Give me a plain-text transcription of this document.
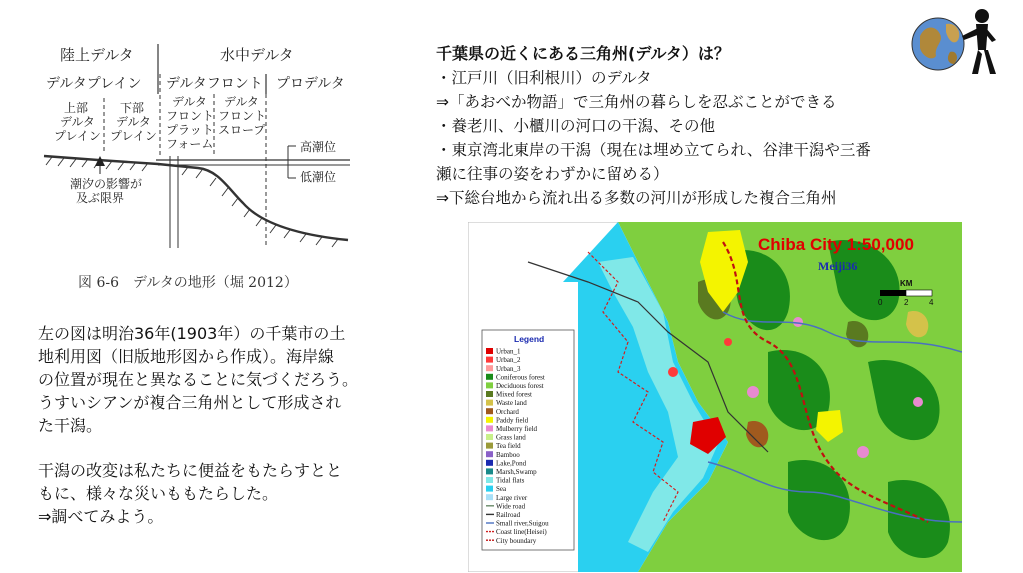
陸上デルタ	水中デルタ
デルタプレイン デルタフロント プロデルタ
上部
デルタ
プレイン
下部
デルタ
プレイン
デルタ
フロント
プラット
フォーム
デルタ
フロント
スロープ
高潮位
低潮位
潮汐の影響が
及ぶ限界
図 6-6　デルタの地形（堀 2012）

左の図は明治36年(1903年）の千葉市の土

地利用図（旧版地形図から作成）。海岸線

の位置が現在と異なることに気づくだろう。

うすいシアンが複合三角州として形成され

た干潟。

干潟の改変は私たちに便益をもたらすとと

もに、様々な災いももたらした。

⇒調べてみよう。

千葉県の近くにある三角州(デルタ）は？

・江戸川（旧利根川）のデルタ

⇒「あおべか物語」で三角州の暮らしを忍ぶことができる

・養老川、小櫃川の河口の干潟、その他

・東京湾北東岸の干潟（現在は埋め立てられ、谷津干潟や三番

瀬に往事の姿をわずかに留める）

⇒下総台地から流れ出る多数の河川が形成した複合三角州

Chiba City 1:50,000
Meiji36
KM
0	2	4
Legend
Urban_1
Urban_2
Urban_3
Coniferous forest
Deciduous forest
Mixed forest
Waste land
Orchard
Paddy field
Mulberry field
Grass land
Tea field
Bamboo
Lake,Pond
Marsh,Swamp
Tidal flats
Sea
Large river
Wide road
Railroad
Small river,Suigou
Coast line(Heisei)
City boundary
